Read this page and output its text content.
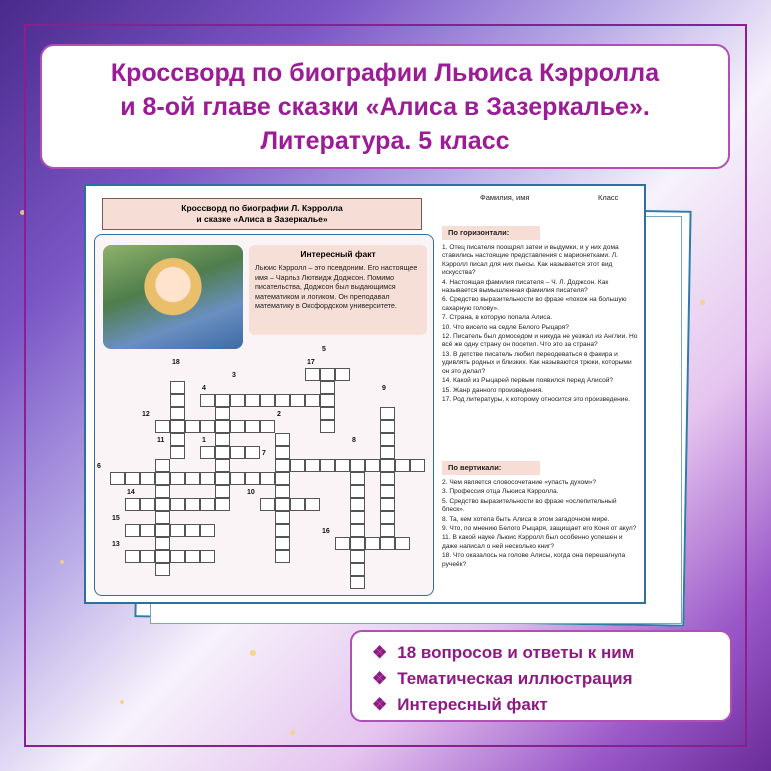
Кроссворд по биографии Льюиса Кэрролла
и 8-ой главе сказки «Алиса в Зазеркалье».
Литература. 5 класс
Кроссворд по биографии Л. Кэрролла
и сказке «Алиса в Зазеркалье»
Интересный факт
Льюис Кэрролл – это псевдоним. Его настоящее имя – Чарльз Лютвидж Доджсон. Помимо писательства, Доджсон был выдающимся математиком и логиком. Он преподавал математику в Оксфордском университете.
18
3
4
5
17
12	2
9
1
11	8
6
7
14	10
15
16
13
Фамилия, имя	Класс
По горизонтали:
1. Отец писателя поощрял затеи и выдумки, и у них дома ставились настоящие представления с марионетками. Л. Кэрролл писал для них пьесы. Как называется этот вид искусства?
4. Настоящая фамилия писателя – Ч. Л. Доджсон. Как называется вымышленная фамилия писателя?
6. Средство выразительности во фразе «похож на большую сахарную голову».
7. Страна, в которую попала Алиса.
10. Что висело на седле Белого Рыцаря?
12. Писатель был домоседом и никуда не уезжал из Англии. Но всё же одну страну он посетил. Что это за страна?
13. В детстве писатель любил переодеваться в факира и удивлять родных и близких. Как называются трюки, которыми он это делал?
14. Какой из Рыцарей первым появился перед Алисой?
15. Жанр данного произведения.
17. Род литературы, к которому относится это произведение.
По вертикали:
2. Чем является словосочетание «упасть духом»?
3. Профессия отца Льюиса Кэрролла.
5. Средство выразительности во фразе «ослепительный блеск».
8. Та, кем хотела быть Алиса в этом загадочном мире.
9. Что, по мнению Белого Рыцаря, защищает его Коня от акул?
11. В какой науке Льюис Кэрролл был особенно успешен и даже написал о ней несколько книг?
18. Что оказалось на голове Алисы, когда она перешагнула ручеёк?
❖ 18 вопросов и ответы к ним
❖ Тематическая иллюстрация
❖ Интересный факт
